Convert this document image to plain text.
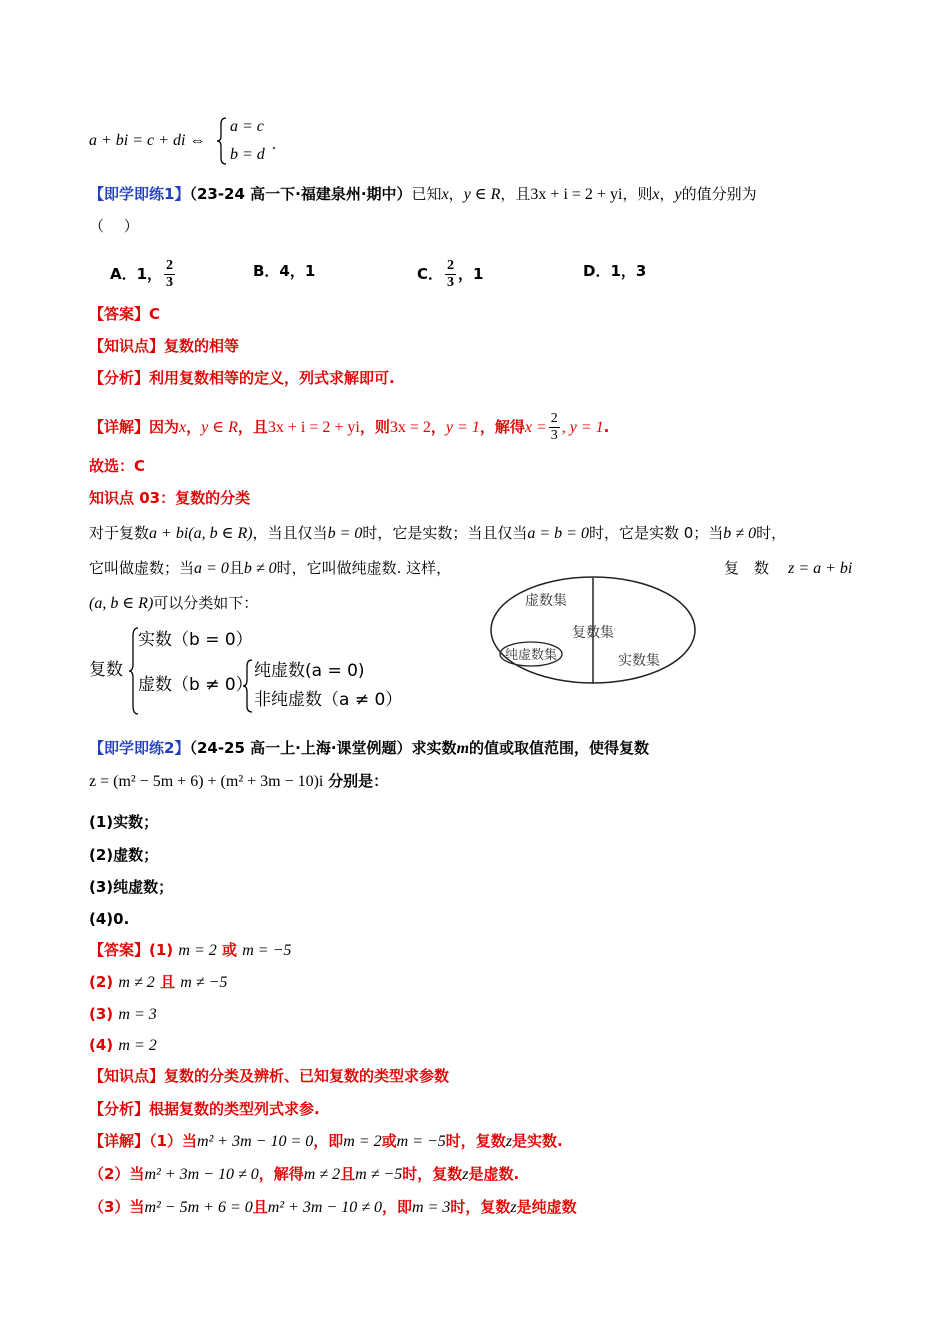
a + bi = c + di ⇔
a = c
b = d
.
【即学即练1】（23-24 高一下·福建泉州·期中）已知x，y ∈ R，且3x + i = 2 + yi，则x，y的值分别为
（　 ）
A．1， $\frac{2}{3}$	B．4，1	C． $\frac{2}{3}$ ，1	D．1，3
【答案】C
【知识点】复数的相等
【分析】利用复数相等的定义，列式求解即可.
【详解】因为x，y ∈ R，且3x + i = 2 + yi，则3x = 2，y = 1，解得$x = \frac{2}{3}$ , y = 1.
故选：C
知识点 03：复数的分类
对于复数a + bi(a, b ∈ R)，当且仅当b = 0时，它是实数；当且仅当a = b = 0时，它是实数 0；当b ≠ 0时，
它叫做虚数；当a = 0且b ≠ 0时，它叫做纯虚数. 这样，	复　数 z = a + bi
(a, b ∈ R)可以分类如下：
复数
实数（b = 0）
虚数（b ≠ 0）
纯虚数(a = 0)
非纯虚数（a ≠ 0）
虚数集
复数集
纯虚数集	实数集
【即学即练2】（24-25 高一上·上海·课堂例题）求实数m的值或取值范围，使得复数
z = (m² − 5m + 6) + (m² + 3m − 10)i 分别是：
(1)实数；
(2)虚数；
(3)纯虚数；
(4)0.
【答案】(1) m = 2 或 m = −5
(2) m ≠ 2 且 m ≠ −5
(3) m = 3
(4) m = 2
【知识点】复数的分类及辨析、已知复数的类型求参数
【分析】根据复数的类型列式求参.
【详解】（1）当m² + 3m − 10 = 0，即m = 2或m = −5时，复数z是实数.
（2）当m² + 3m − 10 ≠ 0，解得m ≠ 2且m ≠ −5时，复数z是虚数.
（3）当m² − 5m + 6 = 0且m² + 3m − 10 ≠ 0，即m = 3时，复数z是纯虚数
